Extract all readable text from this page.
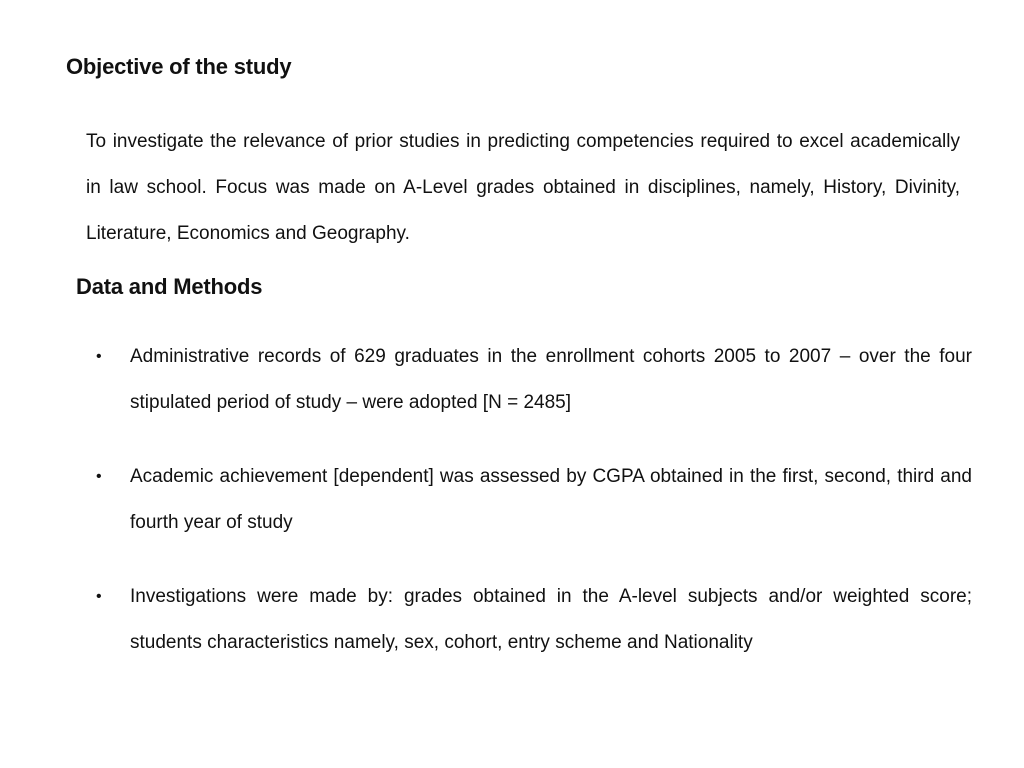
Objective of the study

To investigate the relevance of prior studies in predicting competencies required to excel academically in law school. Focus was made on A-Level grades obtained in disciplines, namely, History, Divinity, Literature, Economics and Geography.

Data and Methods
• Administrative records of 629 graduates in the enrollment cohorts 2005 to 2007 – over the four stipulated period of study – were adopted [N = 2485]
• Academic achievement [dependent] was assessed by CGPA obtained in the first, second, third and fourth year of study
• Investigations were made by: grades obtained in the A-level subjects and/or weighted score; students characteristics namely, sex, cohort, entry scheme and Nationality
